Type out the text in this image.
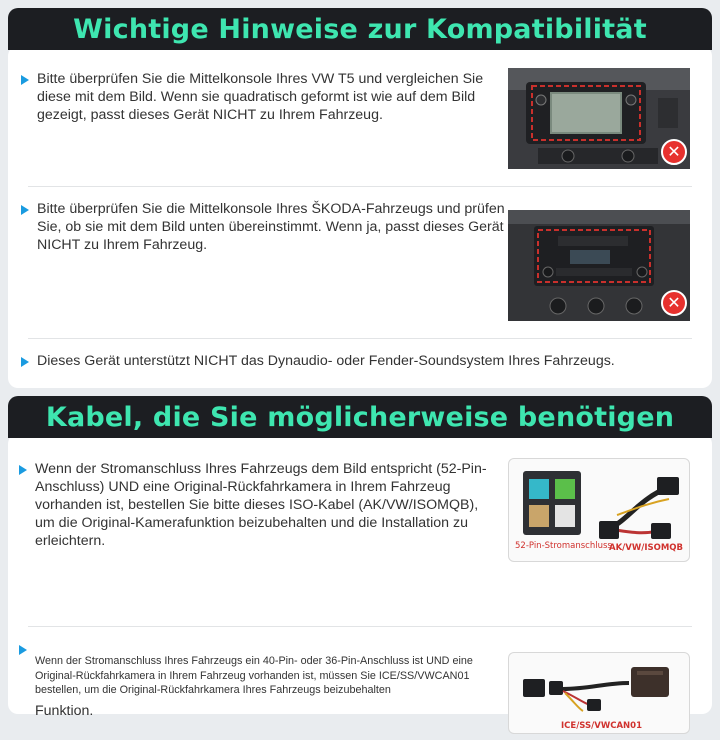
Bitte überprüfen Sie die Mittelkonsole Ihres VW T5 und vergleichen Sie diese mit dem Bild. Wenn sie quadratisch geformt ist wie auf dem Bild gezeigt, passt dieses Gerät NICHT zu Ihrem Fahrzeug.
✕
Bitte überprüfen Sie die Mittelkonsole Ihres ŠKODA-Fahrzeugs und prüfen Sie, ob sie mit dem Bild unten übereinstimmt. Wenn ja, passt dieses Gerät NICHT zu Ihrem Fahrzeug.
✕
Dieses Gerät unterstützt NICHT das Dynaudio- oder Fender-Soundsystem Ihres Fahrzeugs.
Wichtige Hinweise zur Kompatibilität
Wenn der Stromanschluss Ihres Fahrzeugs dem Bild entspricht (52-Pin-Anschluss) UND eine Original-Rückfahrkamera in Ihrem Fahrzeug vorhanden ist, bestellen Sie bitte dieses ISO-Kabel (AK/VW/ISOMQB), um die Original-Kamerafunktion beizubehalten und die Installation zu erleichtern.	52-Pin-Stromanschluss
AK/VW/ISOMQB
Wenn der Stromanschluss Ihres Fahrzeugs ein 40-Pin- oder 36-Pin-Anschluss ist UND eine Original-Rückfahrkamera in Ihrem Fahrzeug vorhanden ist, müssen Sie ICE/SS/VWCAN01 bestellen, um die Original-Rückfahrkamera Ihres Fahrzeugs beizubehalten
Funktion.
ICE/SS/VWCAN01
Kabel, die Sie möglicherweise benötigen
